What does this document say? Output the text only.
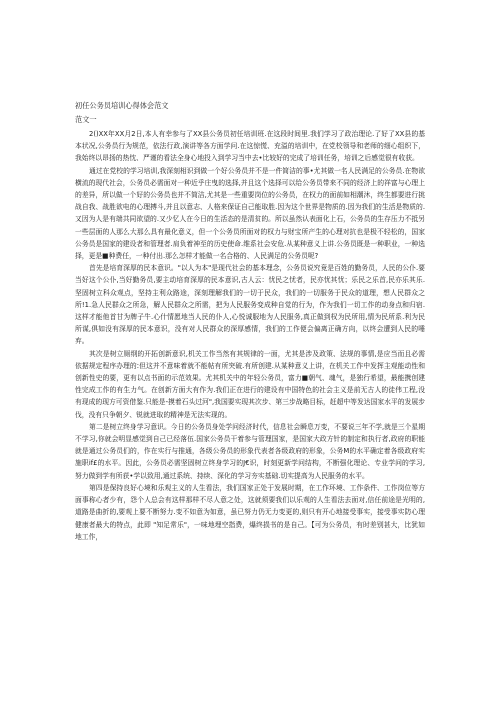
初任公务员培训心得体会范文
范文一

2()XX年XX月2日,本人有幸参与了XX县公务员初任培训班.在这段时间里.我们学习了政治理论.了好了XX县的基本状况,公务员行为规范，依法行政,演讲等各方面学问.在这惊慌、充溢的培训中，在党校领导和老师的细心组织下，我始终以昂扬的热忱、严谨的看法全身心地投入到学习当中去•比较好的完成了培训任务，培训之后感觉很有收获。

通过在党校的学习培训,我深刻相识到做一个好公务员并不是一件简洁的事•尤其做一名人民满足的公务员.在物欲横流的现代社会，公务员必需面对一种近乎庄曳的选择,并且这个选择可以给公务员带来不同的经济上的祥富与心理上的差异，所以做一个好的公务员也并不简洁,尤其是一些重要岗位的公务员，在权力的面前如相潮沐，终生都要进行挑战自我、战胜欲电的心理搏斗,并且以意志、人格来保证自己能取胜.因为这个世界是物质的.因为我们的生活是物质的.又因为人是有端共同欲望的.又少忆人在今日的生活态的是清贫的。所以虽然认表面化上石，公务员的生存压力不抵另一些层面的人那么大那么具有最化意义，但一个公务员所面对的权力与财宝所产生的心理对抗也是极不轻松的，国家公务员是国家的建设者和管理者.肩负着神至的历史使命.维系社会安危.从某种意义上讲.公务员既是一种职业，一种选择，更是■种费任，一种付出.那么怎样才能做一名合格的、人民满足的公务员呢?

首先是培育深厚的民本意识。"以人为本"是现代社会的基本理念，公务员说究竟是百姓的勤务员，人民的公仆.要当好这个公仆,当好勤务员,要主动培育深厚的民本意识,古人云：忧民之忧者，民亦忧其忧；乐民之乐首,民亦乐其乐.坚固树立科众观点，坚持主利众路途，深刻理解我们的一切于民众，我们的一切服务于民众的道理，想人民群众之所!1.急人民群众之所急，解人民群众之所需，把为人民服务变成种自觉的行为，作为我们一切工作的动身点和归宿.这样才能他首甘为牌子牛.心什情愿地当人民的仆人,心悦诚服地为人民服务,真正做到权为民所用,情为民所系.利为民所谋,俱如没有深厚的民本意识，没有对人民群众的深厚感情，我们的工作便会偏离正确方向，以终会遭到人民的唾弃。

其次是树立厕纲的开拓创新意识,机关工作当然有其规律的一面，尤其是涉及政策、法规的事情,是应当而且必需依据规定程序办理的:但这并不意味着就不能帖有所突破.有所创建.从某种意义上讲，在机关工作中发挥主观能动性和创新性史的要，更有以点书面的示范效果。尤其机关中的年轻公务员，富力■朝气、魂气，是独行希望，最能携创建性完成工作的有生力气。在创新方面大有作为.我们正在进行的建设有中国特色的社会主义是前无古人的徒伟工程,没有现成的现方可资借鉴.只能是-摸着石头过河",我国要实现其次步、第三步战略目标，赶超中等发达国家水平的发展步伐，没有只争朝夕、锐就进取的精神是无法实现的。

第二是树立终身学习意识。今日的公务员身处学问经济时代，信息社会瞬息万变，不要说三年不学,就是三个星期不学习,你就会明显感觉到自己已经落伍.国家公务员干着参与管理国家，是国家大政方针的制定和执行者,政府的职能就是通过公务员们的，作在实行与推通，各级公务员的形象代表者各级政府的形象，公务M的水平确定着各级政府实施职if£的水平。因此，公务员必需坚固树立终身学习的J€识，时刻更新学问结构，不断强化理论、专业学问的学习,努力做到学有所获•学以致用,通过系统、持续、深化的学习夯实基础.切实提高为人民服务的水平。

第四是保持良好心境和乐观主义的人生看法，我们国家正处于发展时期，在工作环境、工作条件、工作岗位等方面事称心者少有，怨个人总会有这样那样不尽人意之处，这就须要我们以乐观的人生看法去面对,信任前途是光明的,道路是曲折的,要观上要不断努力.变不如意为如意，虽已努力仍无力变更的,则只有开心地接受事实，接受事实防心理健康者最大的特点，此即 "知足常乐"，一味地埋空指费，爆终损书的是自己。【可为公务员，有时差别甚大，比犹如地工作，
